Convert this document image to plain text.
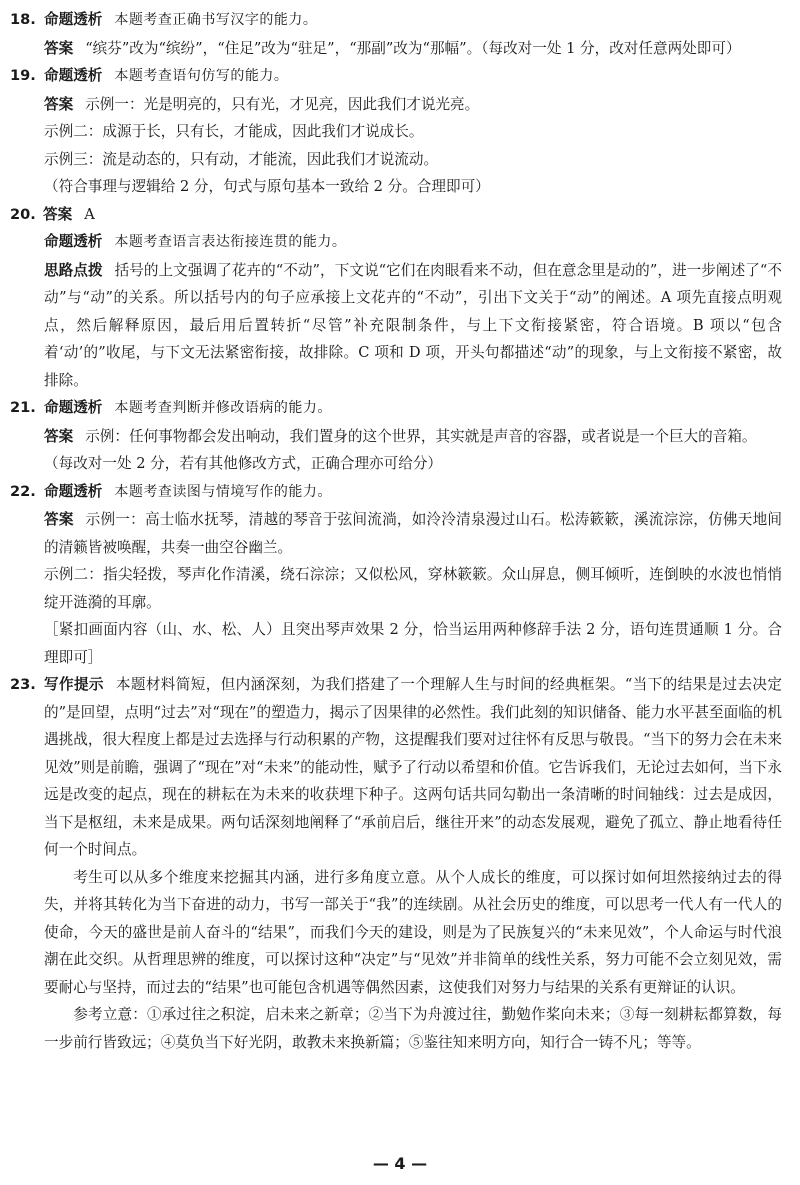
18. 命题透析 本题考查正确书写汉字的能力。

答案 “缤芬”改为“缤纷”，“住足”改为“驻足”，“那副”改为“那幅”。（每改对一处 1 分，改对任意两处即可）

19. 命题透析 本题考查语句仿写的能力。

答案 示例一：光是明亮的，只有光，才见亮，因此我们才说光亮。

示例二：成源于长，只有长，才能成，因此我们才说成长。

示例三：流是动态的，只有动，才能流，因此我们才说流动。

（符合事理与逻辑给 2 分，句式与原句基本一致给 2 分。合理即可）

20. 答案 A

命题透析 本题考查语言表达衔接连贯的能力。

思路点拨 括号的上文强调了花卉的“不动”，下文说“它们在肉眼看来不动，但在意念里是动的”，进一步阐述了“不动”与“动”的关系。所以括号内的句子应承接上文花卉的“不动”，引出下文关于“动”的阐述。A 项先直接点明观点，然后解释原因，最后用后置转折“尽管”补充限制条件，与上下文衔接紧密，符合语境。B 项以“包含着‘动’的”收尾，与下文无法紧密衔接，故排除。C 项和 D 项，开头句都描述“动”的现象，与上文衔接不紧密，故排除。

21. 命题透析 本题考查判断并修改语病的能力。

答案 示例：任何事物都会发出响动，我们置身的这个世界，其实就是声音的容器，或者说是一个巨大的音箱。

（每改对一处 2 分，若有其他修改方式，正确合理亦可给分）

22. 命题透析 本题考查读图与情境写作的能力。

答案 示例一：高士临水抚琴，清越的琴音于弦间流淌，如泠泠清泉漫过山石。松涛簌簌，溪流淙淙，仿佛天地间的清籁皆被唤醒，共奏一曲空谷幽兰。

示例二：指尖轻拨，琴声化作清溪，绕石淙淙；又似松风，穿林簌簌。众山屏息，侧耳倾听，连倒映的水波也悄悄绽开涟漪的耳廓。

［紧扣画面内容（山、水、松、人）且突出琴声效果 2 分，恰当运用两种修辞手法 2 分，语句连贯通顺 1 分。合理即可］

23. 写作提示 本题材料简短，但内涵深刻，为我们搭建了一个理解人生与时间的经典框架。“当下的结果是过去决定的”是回望，点明“过去”对“现在”的塑造力，揭示了因果律的必然性。我们此刻的知识储备、能力水平甚至面临的机遇挑战，很大程度上都是过去选择与行动积累的产物，这提醒我们要对过往怀有反思与敬畏。“当下的努力会在未来见效”则是前瞻，强调了“现在”对“未来”的能动性，赋予了行动以希望和价值。它告诉我们，无论过去如何，当下永远是改变的起点，现在的耕耘在为未来的收获埋下种子。这两句话共同勾勒出一条清晰的时间轴线：过去是成因，当下是枢纽，未来是成果。两句话深刻地阐释了“承前启后，继往开来”的动态发展观，避免了孤立、静止地看待任何一个时间点。

考生可以从多个维度来挖掘其内涵，进行多角度立意。从个人成长的维度，可以探讨如何坦然接纳过去的得失，并将其转化为当下奋进的动力，书写一部关于“我”的连续剧。从社会历史的维度，可以思考一代人有一代人的使命，今天的盛世是前人奋斗的“结果”，而我们今天的建设，则是为了民族复兴的“未来见效”，个人命运与时代浪潮在此交织。从哲理思辨的维度，可以探讨这种“决定”与“见效”并非简单的线性关系，努力可能不会立刻见效，需要耐心与坚持，而过去的“结果”也可能包含机遇等偶然因素，这使我们对努力与结果的关系有更辩证的认识。

参考立意：①承过往之积淀，启未来之新章；②当下为舟渡过往，勤勉作桨向未来；③每一刻耕耘都算数，每一步前行皆致远；④莫负当下好光阴，敢教未来换新篇；⑤鉴往知来明方向，知行合一铸不凡；等等。

— 4 —
